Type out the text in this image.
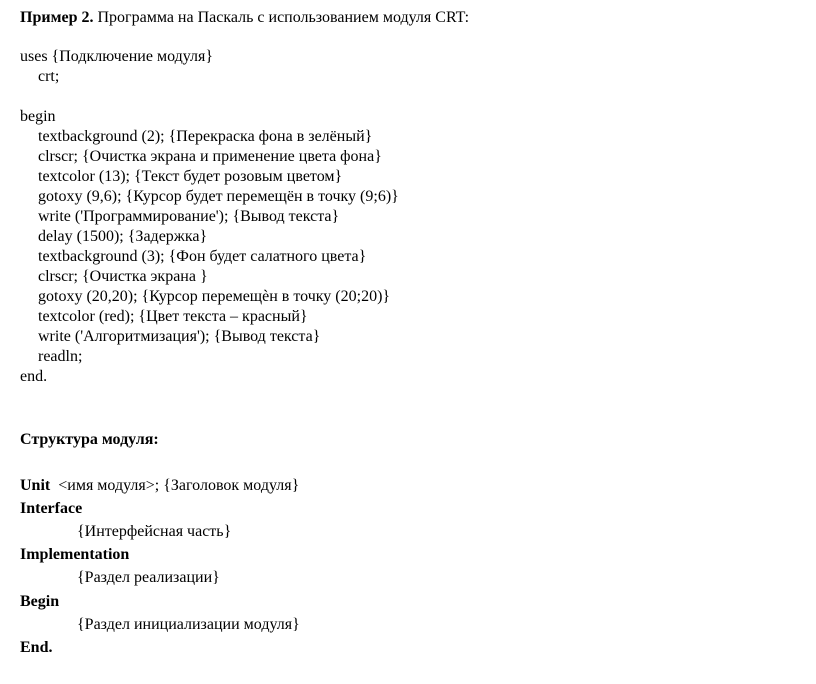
Пример 2. Программа на Паскаль с использованием модуля CRT:
uses {Подключение модуля}
crt;
begin
textbackground (2); {Перекраска фона в зелёный}
clrscr; {Очистка экрана и применение цвета фона}
textcolor (13); {Текст будет розовым цветом}
gotoxy (9,6); {Курсор будет перемещён в точку (9;6)}
write ('Программирование'); {Вывод текста}
delay (1500); {Задержка}
textbackground (3); {Фон будет салатного цвета}
clrscr; {Очистка экрана }
gotoxy (20,20); {Курсор перемещѐн в точку (20;20)}
textcolor (red); {Цвет текста – красный}
write ('Алгоритмизация'); {Вывод текста}
readln;
end.
Структура модуля:
Unit  <имя модуля>; {Заголовок модуля}
Interface
{Интерфейсная часть}
Implementation
{Раздел реализации}
Begin
{Раздел инициализации модуля}
End.
